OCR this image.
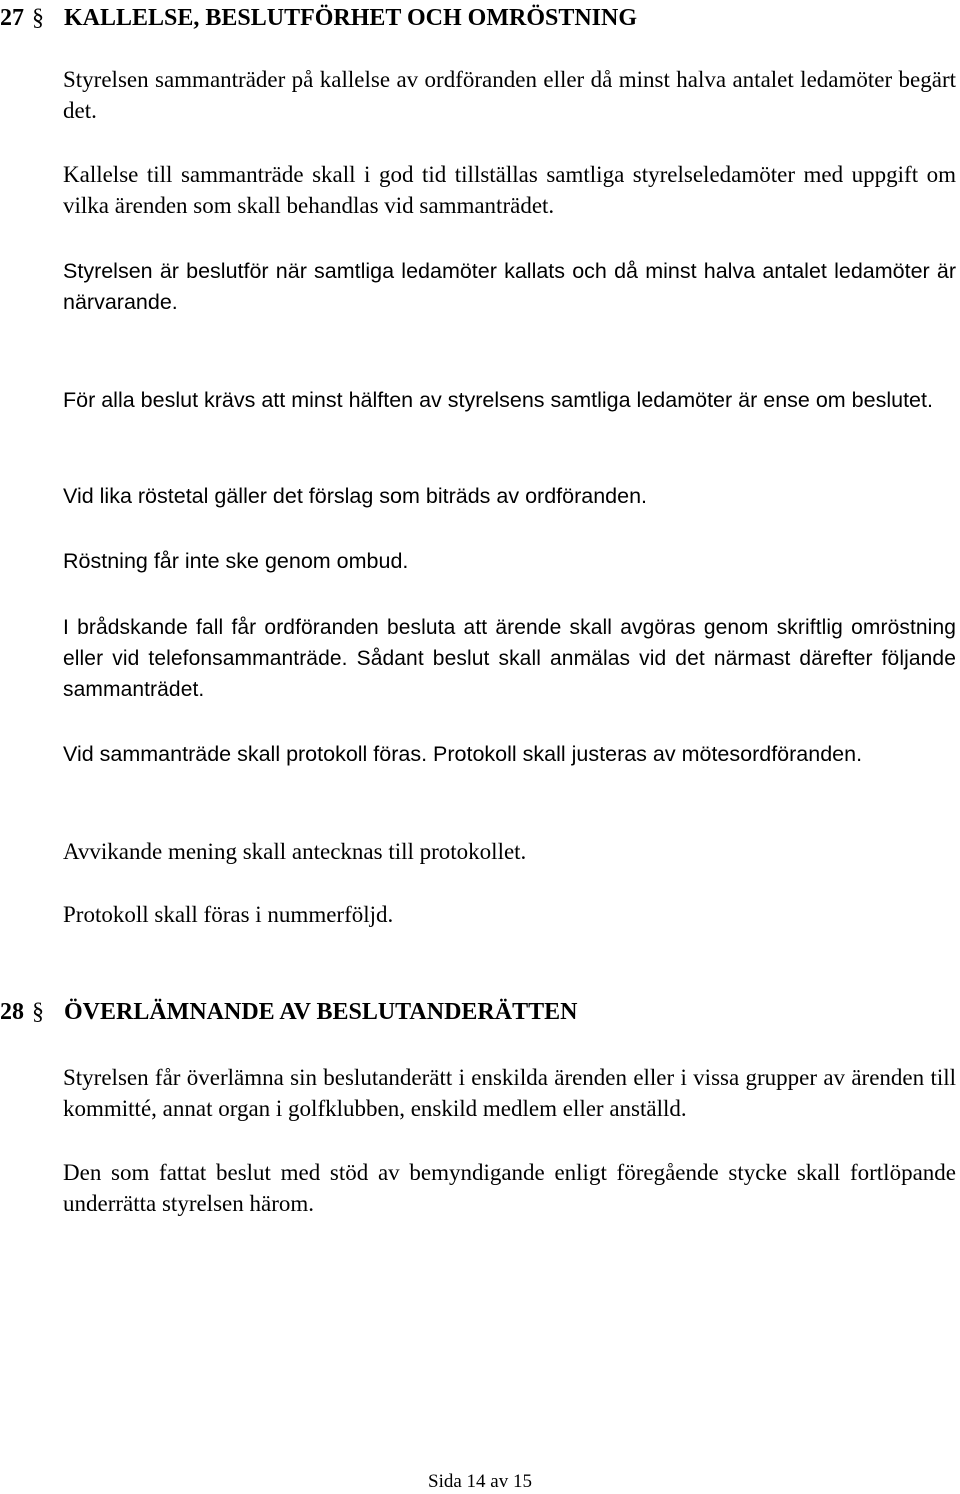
27 § KALLELSE, BESLUTFÖRHET OCH OMRÖSTNING
Styrelsen sammanträder på kallelse av ordföranden eller då minst halva antalet ledamöter begärt det.
Kallelse till sammanträde skall i god tid tillställas samtliga styrelseledamöter med uppgift om vilka ärenden som skall behandlas vid sammanträdet.
Styrelsen är beslutför när samtliga ledamöter kallats och då minst halva antalet ledamöter är närvarande.
För alla beslut krävs att minst hälften av styrelsens samtliga ledamöter är ense om beslutet.
Vid lika röstetal gäller det förslag som biträds av ordföranden.
Röstning får inte ske genom ombud.
I brådskande fall får ordföranden besluta att ärende skall avgöras genom skriftlig omröstning eller vid telefonsammanträde. Sådant beslut skall anmälas vid det närmast därefter följande sammanträdet.
Vid sammanträde skall protokoll föras. Protokoll skall justeras av mötesordföranden.
Avvikande mening skall antecknas till protokollet.
Protokoll skall föras i nummerföljd.
28 § ÖVERLÄMNANDE AV BESLUTANDERÄTTEN
Styrelsen får överlämna sin beslutanderätt i enskilda ärenden eller i vissa grupper av ärenden till kommitté, annat organ i golfklubben, enskild medlem eller anställd.
Den som fattat beslut med stöd av bemyndigande enligt föregående stycke skall fortlöpande underrätta styrelsen härom.
Sida 14 av 15
